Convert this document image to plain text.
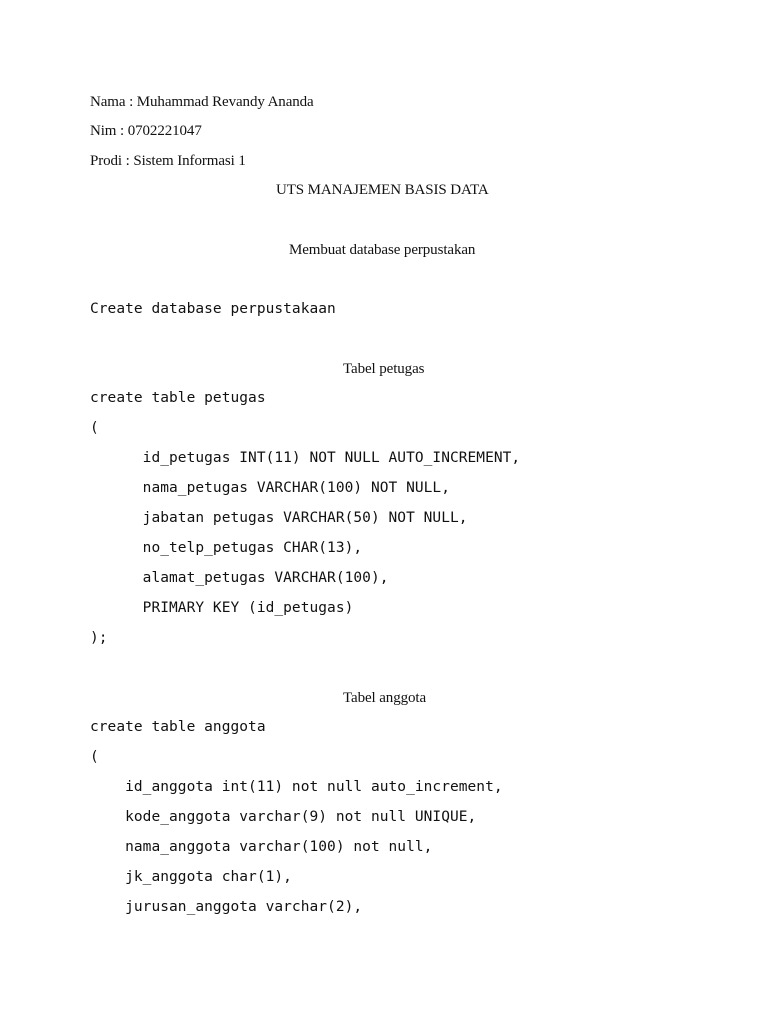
Nama : Muhammad Revandy Ananda
Nim : 0702221047
Prodi : Sistem Informasi 1
UTS MANAJEMEN BASIS DATA
Membuat database perpustakan
Create database perpustakaan
Tabel petugas
create table petugas
(
id_petugas INT(11) NOT NULL AUTO_INCREMENT,
nama_petugas VARCHAR(100) NOT NULL,
jabatan petugas VARCHAR(50) NOT NULL,
no_telp_petugas CHAR(13),
alamat_petugas VARCHAR(100),
PRIMARY KEY (id_petugas)
);
Tabel anggota
create table anggota
(
id_anggota int(11) not null auto_increment,
kode_anggota varchar(9) not null UNIQUE,
nama_anggota varchar(100) not null,
jk_anggota char(1),
jurusan_anggota varchar(2),
